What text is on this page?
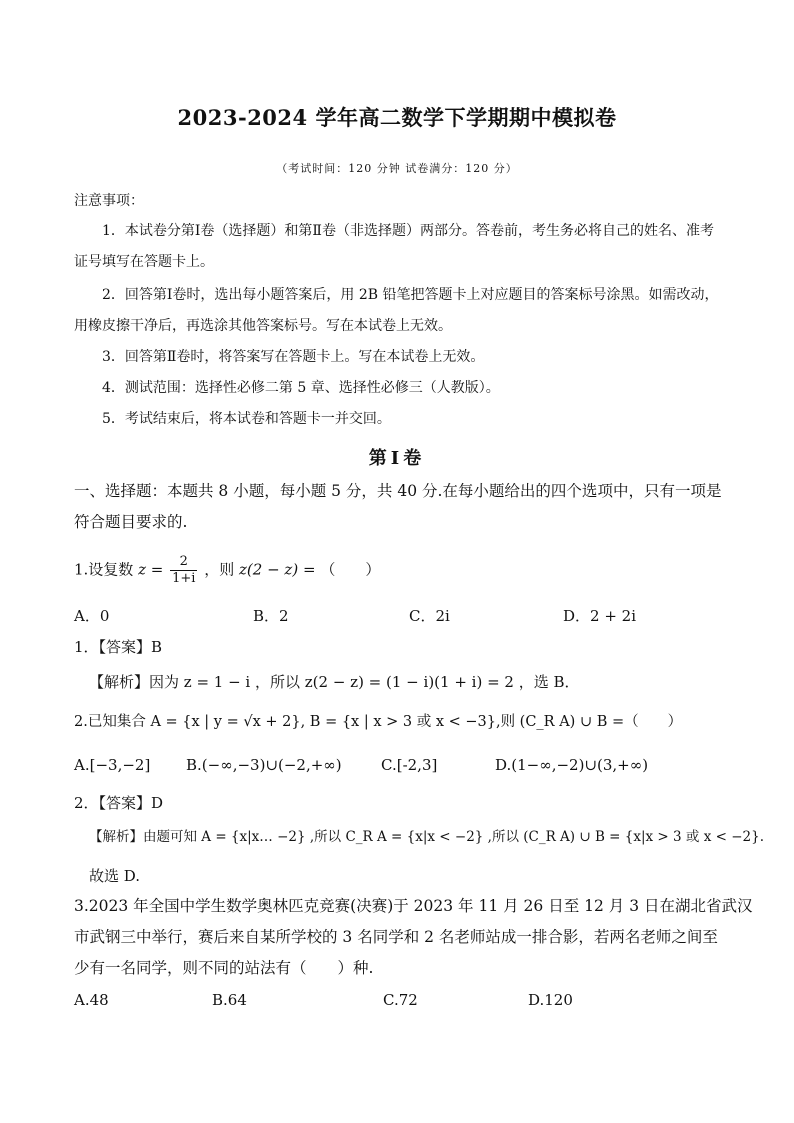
2023-2024 学年高二数学下学期期中模拟卷
（考试时间：120 分钟 试卷满分：120 分）
注意事项：
1．本试卷分第Ⅰ卷（选择题）和第Ⅱ卷（非选择题）两部分。答卷前，考生务必将自己的姓名、准考
证号填写在答题卡上。
2．回答第Ⅰ卷时，选出每小题答案后，用 2B 铅笔把答题卡上对应题目的答案标号涂黑。如需改动，
用橡皮擦干净后，再选涂其他答案标号。写在本试卷上无效。
3．回答第Ⅱ卷时，将答案写在答题卡上。写在本试卷上无效。
4．测试范围：选择性必修二第 5 章、选择性必修三（人教版）。
5．考试结束后，将本试卷和答题卡一并交回。
第Ⅰ卷
一、选择题：本题共 8 小题，每小题 5 分，共 40 分.在每小题给出的四个选项中，只有一项是
符合题目要求的.
1.设复数 $z = \frac{2}{1+i}$ ，则 z(2 − z) = （　　）
A．0	B．2	C．2i	D．2 + 2i
1．【答案】B
【解析】因为 z = 1 − i ，所以 z(2 − z) = (1 − i)(1 + i) = 2 ，选 B．
2.已知集合 A = {x | y = √x + 2}, B = {x | x > 3 或 x < −3},则 (C_R A) ∪ B =（　　）
A.[−3,−2] B.(−∞,−3)∪(−2,+∞)	C.[-2,3]	D.(1−∞,−2)∪(3,+∞)
2．【答案】D
【解析】由题可知 A = {x|x… −2} ,所以 C_R A = {x|x < −2} ,所以 (C_R A) ∪ B = {x|x > 3 或 x < −2}.
故选 D.
3.2023 年全国中学生数学奥林匹克竞赛(决赛)于 2023 年 11 月 26 日至 12 月 3 日在湖北省武汉
市武钢三中举行，赛后来自某所学校的 3 名同学和 2 名老师站成一排合影，若两名老师之间至
少有一名同学，则不同的站法有（　　）种.
A.48	B.64	C.72	D.120
